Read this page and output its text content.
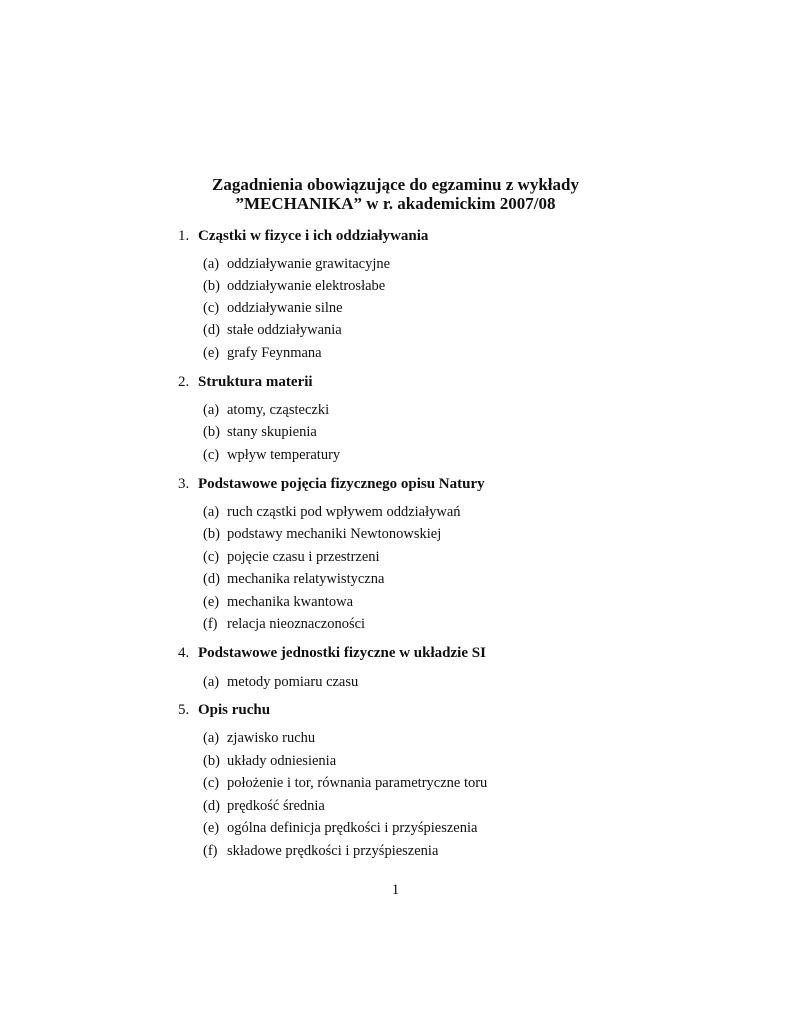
Zagadnienia obowiązujące do egzaminu z wykłady
”MECHANIKA” w r. akademickim 2007/08
1. Cząstki w fizyce i ich oddziaływania
(a) oddziaływanie grawitacyjne
(b) oddziaływanie elektrosłabe
(c) oddziaływanie silne
(d) stałe oddziaływania
(e) grafy Feynmana
2. Struktura materii
(a) atomy, cząsteczki
(b) stany skupienia
(c) wpływ temperatury
3. Podstawowe pojęcia fizycznego opisu Natury
(a) ruch cząstki pod wpływem oddziaływań
(b) podstawy mechaniki Newtonowskiej
(c) pojęcie czasu i przestrzeni
(d) mechanika relatywistyczna
(e) mechanika kwantowa
(f) relacja nieoznaczoności
4. Podstawowe jednostki fizyczne w układzie SI
(a) metody pomiaru czasu
5. Opis ruchu
(a) zjawisko ruchu
(b) układy odniesienia
(c) położenie i tor, równania parametryczne toru
(d) prędkość średnia
(e) ogólna definicja prędkości i przyśpieszenia
(f) składowe prędkości i przyśpieszenia
1
